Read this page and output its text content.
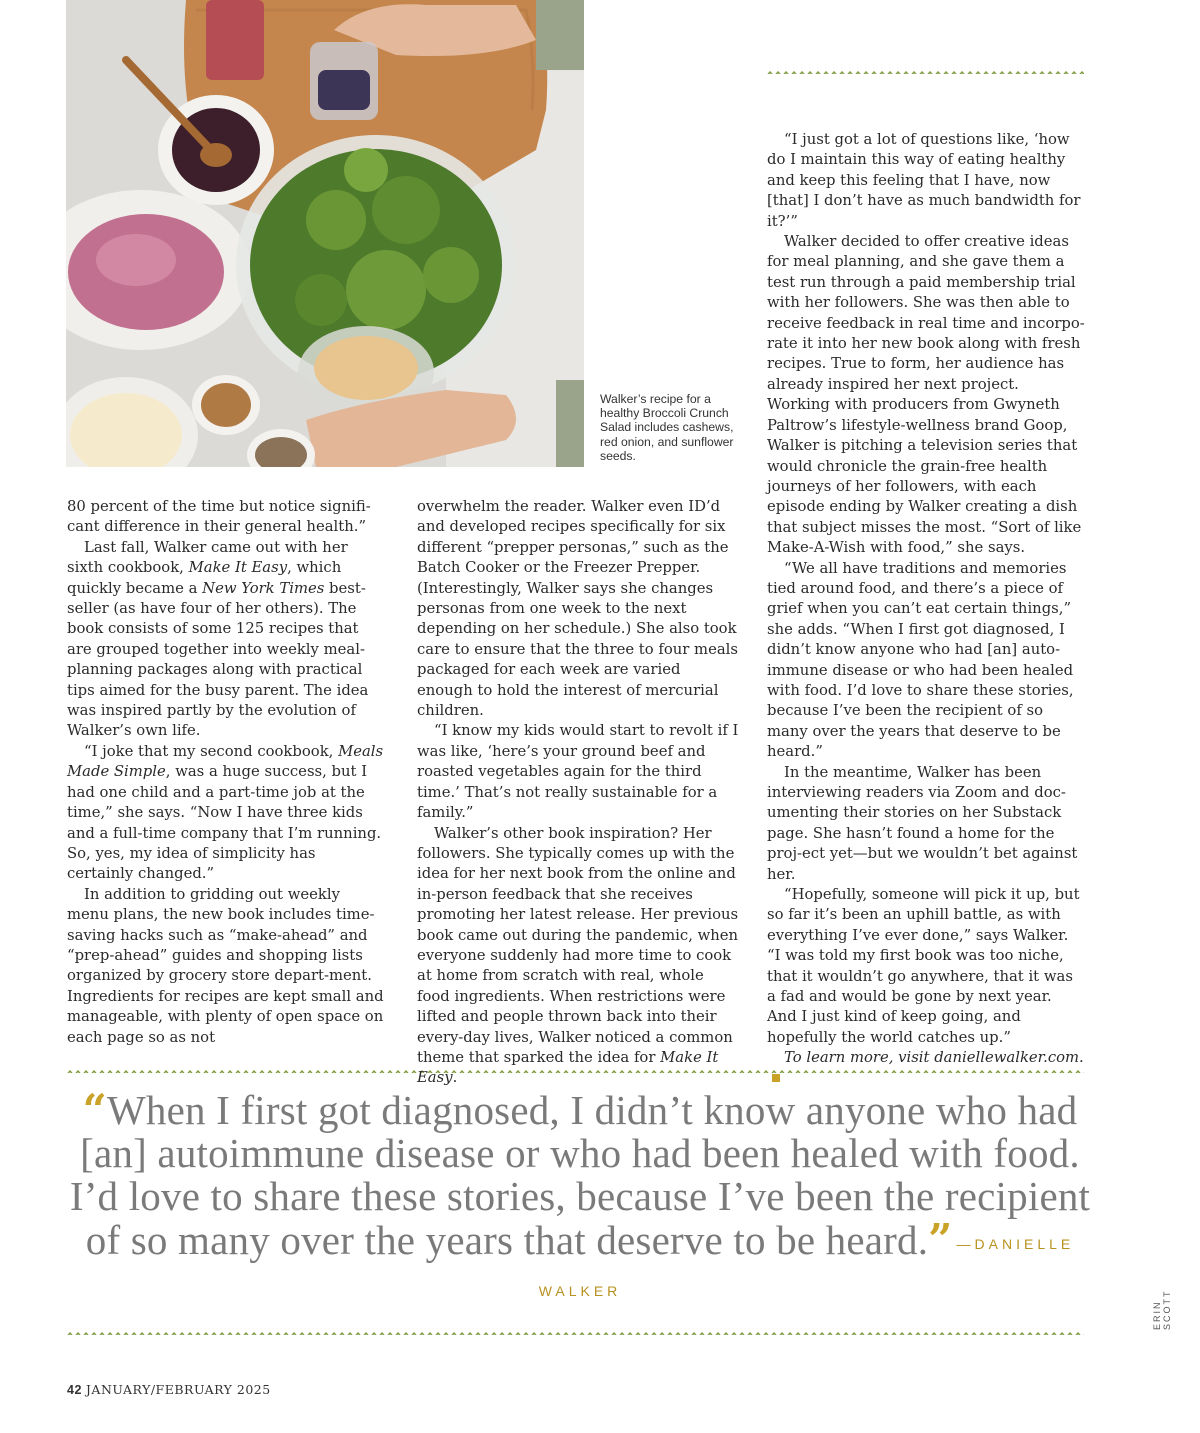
Walker’s recipe for a healthy Broccoli Crunch Salad includes cashews, red onion, and sunflower seeds.

80 percent of the time but notice signifi-cant difference in their general health.”

Last fall, Walker came out with her sixth cookbook, Make It Easy, which quickly became a New York Times best-seller (as have four of her others). The book consists of some 125 recipes that are grouped together into weekly meal-planning packages along with practical tips aimed for the busy parent. The idea was inspired partly by the evolution of Walker’s own life.

“I joke that my second cookbook, Meals Made Simple, was a huge success, but I had one child and a part-time job at the time,” she says. “Now I have three kids and a full-time company that I’m running. So, yes, my idea of simplicity has certainly changed.”

In addition to gridding out weekly menu plans, the new book includes time-saving hacks such as “make-ahead” and “prep-ahead” guides and shopping lists organized by grocery store depart-ment. Ingredients for recipes are kept small and manageable, with plenty of open space on each page so as not

overwhelm the reader. Walker even ID’d and developed recipes specifically for six different “prepper personas,” such as the Batch Cooker or the Freezer Prepper. (Interestingly, Walker says she changes personas from one week to the next depending on her schedule.) She also took care to ensure that the three to four meals packaged for each week are varied enough to hold the interest of mercurial children.

“I know my kids would start to revolt if I was like, ‘here’s your ground beef and roasted vegetables again for the third time.’ That’s not really sustainable for a family.”

Walker’s other book inspiration? Her followers. She typically comes up with the idea for her next book from the online and in-person feedback that she receives promoting her latest release. Her previous book came out during the pandemic, when everyone suddenly had more time to cook at home from scratch with real, whole food ingredients. When restrictions were lifted and people thrown back into their every-day lives, Walker noticed a common theme that sparked the idea for Make It Easy.

“I just got a lot of questions like, ‘how do I maintain this way of eating healthy and keep this feeling that I have, now [that] I don’t have as much bandwidth for it?’”

Walker decided to offer creative ideas for meal planning, and she gave them a test run through a paid membership trial with her followers. She was then able to receive feedback in real time and incorpo-rate it into her new book along with fresh recipes. True to form, her audience has already inspired her next project. Working with producers from Gwyneth Paltrow’s lifestyle-wellness brand Goop, Walker is pitching a television series that would chronicle the grain-free health journeys of her followers, with each episode ending by Walker creating a dish that subject misses the most. “Sort of like Make-A-Wish with food,” she says.

“We all have traditions and memories tied around food, and there’s a piece of grief when you can’t eat certain things,” she adds. “When I first got diagnosed, I didn’t know anyone who had [an] auto-immune disease or who had been healed with food. I’d love to share these stories, because I’ve been the recipient of so many over the years that deserve to be heard.”

In the meantime, Walker has been interviewing readers via Zoom and doc-umenting their stories on her Substack page. She hasn’t found a home for the proj-ect yet—but we wouldn’t bet against her.

“Hopefully, someone will pick it up, but so far it’s been an uphill battle, as with everything I’ve ever done,” says Walker. “I was told my first book was too niche, that it wouldn’t go anywhere, that it was a fad and would be gone by next year. And I just kind of keep going, and hopefully the world catches up.”

To learn more, visit daniellewalker.com.

“When I first got diagnosed, I didn’t know anyone who had [an] autoimmune disease or who had been healed with food. I’d love to share these stories, because I’ve been the recipient of so many over the years that deserve to be heard.” —DANIELLE WALKER
ERIN SCOTT
42 JANUARY/FEBRUARY 2025
